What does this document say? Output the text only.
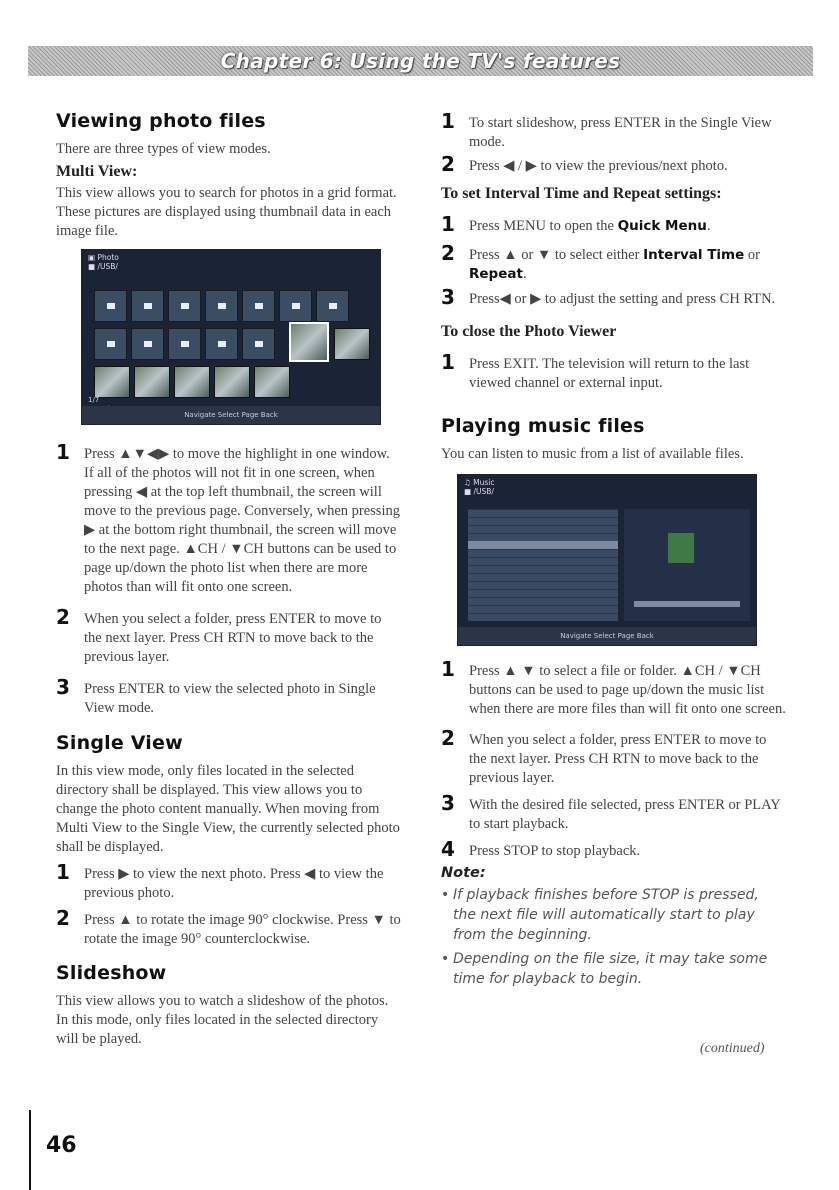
Chapter 6: Using the TV's features
Viewing photo files
There are three types of view modes.
Multi View:
This view allows you to search for photos in a grid format. These pictures are displayed using thumbnail data in each image file.
▣ Photo
■ /USB/
1/7
Navigate Select Page Back
1 Press ▲▼◀▶ to move the highlight in one window. If all of the photos will not fit in one screen, when pressing ◀ at the top left thumbnail, the screen will move to the previous page. Conversely, when pressing ▶ at the bottom right thumbnail, the screen will move to the next page. ▲CH / ▼CH buttons can be used to page up/down the photo list when there are more photos than will fit onto one screen.
2 When you select a folder, press ENTER to move to the next layer. Press CH RTN to move back to the previous layer.
3 Press ENTER to view the selected photo in Single View mode.
Single View
In this view mode, only files located in the selected directory shall be displayed. This view allows you to change the photo content manually. When moving from Multi View to the Single View, the currently selected photo shall be displayed.
1 Press ▶ to view the next photo. Press ◀ to view the previous photo.
2 Press ▲ to rotate the image 90° clockwise. Press ▼ to rotate the image 90° counterclockwise.
Slideshow
This view allows you to watch a slideshow of the photos. In this mode, only files located in the selected directory will be played.
1 To start slideshow, press ENTER in the Single View mode.
2 Press ◀ / ▶ to view the previous/next photo.
To set Interval Time and Repeat settings:
1 Press MENU to open the Quick Menu.
2 Press ▲ or ▼ to select either Interval Time or Repeat.
3 Press◀ or ▶ to adjust the setting and press CH RTN.
To close the Photo Viewer
1 Press EXIT. The television will return to the last viewed channel or external input.
Playing music files
You can listen to music from a list of available files.
♫ Music
■ /USB/
Navigate Select Page Back
1 Press ▲ ▼ to select a file or folder. ▲CH / ▼CH buttons can be used to page up/down the music list when there are more files than will fit onto one screen.
2 When you select a folder, press ENTER to move to the next layer. Press CH RTN to move back to the previous layer.
3 With the desired file selected, press ENTER or PLAY to start playback.
4 Press STOP to stop playback.
Note:
• If playback finishes before STOP is pressed, the next file will automatically start to play from the beginning.
• Depending on the file size, it may take some time for playback to begin.
(continued)
46
